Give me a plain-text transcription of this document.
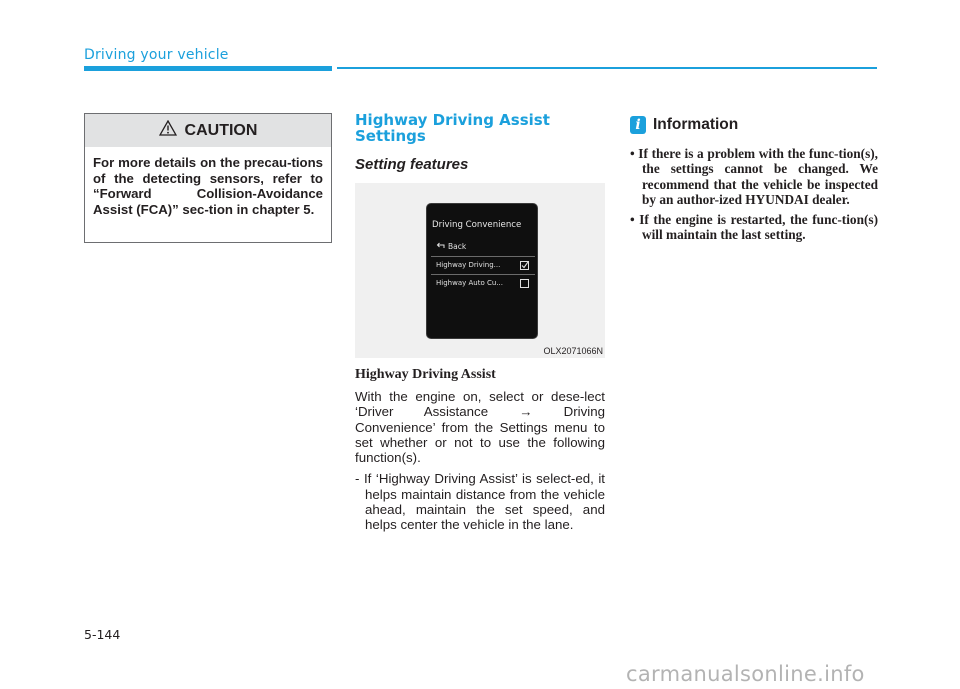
Driving your vehicle
CAUTION
For more details on the precau-tions of the detecting sensors, refer to “Forward Collision-Avoidance Assist (FCA)” sec-tion in chapter 5.
Highway Driving Assist Settings
Setting features
Driving Convenience
Back
Highway Driving...
Highway Auto Cu...
OLX2071066N
Highway Driving Assist
With the engine on, select or dese-lect ‘Driver Assistance → Driving Convenience’ from the Settings menu to set whether or not to use the following function(s).
- If ‘Highway Driving Assist’ is select-ed, it helps maintain distance from the vehicle ahead, maintain the set speed, and helps center the vehicle in the lane.
i Information
• If there is a problem with the func-tion(s), the settings cannot be changed. We recommend that the vehicle be inspected by an author-ized HYUNDAI dealer.
• If the engine is restarted, the func-tion(s) will maintain the last setting.
5-144
carmanualsonline.info
